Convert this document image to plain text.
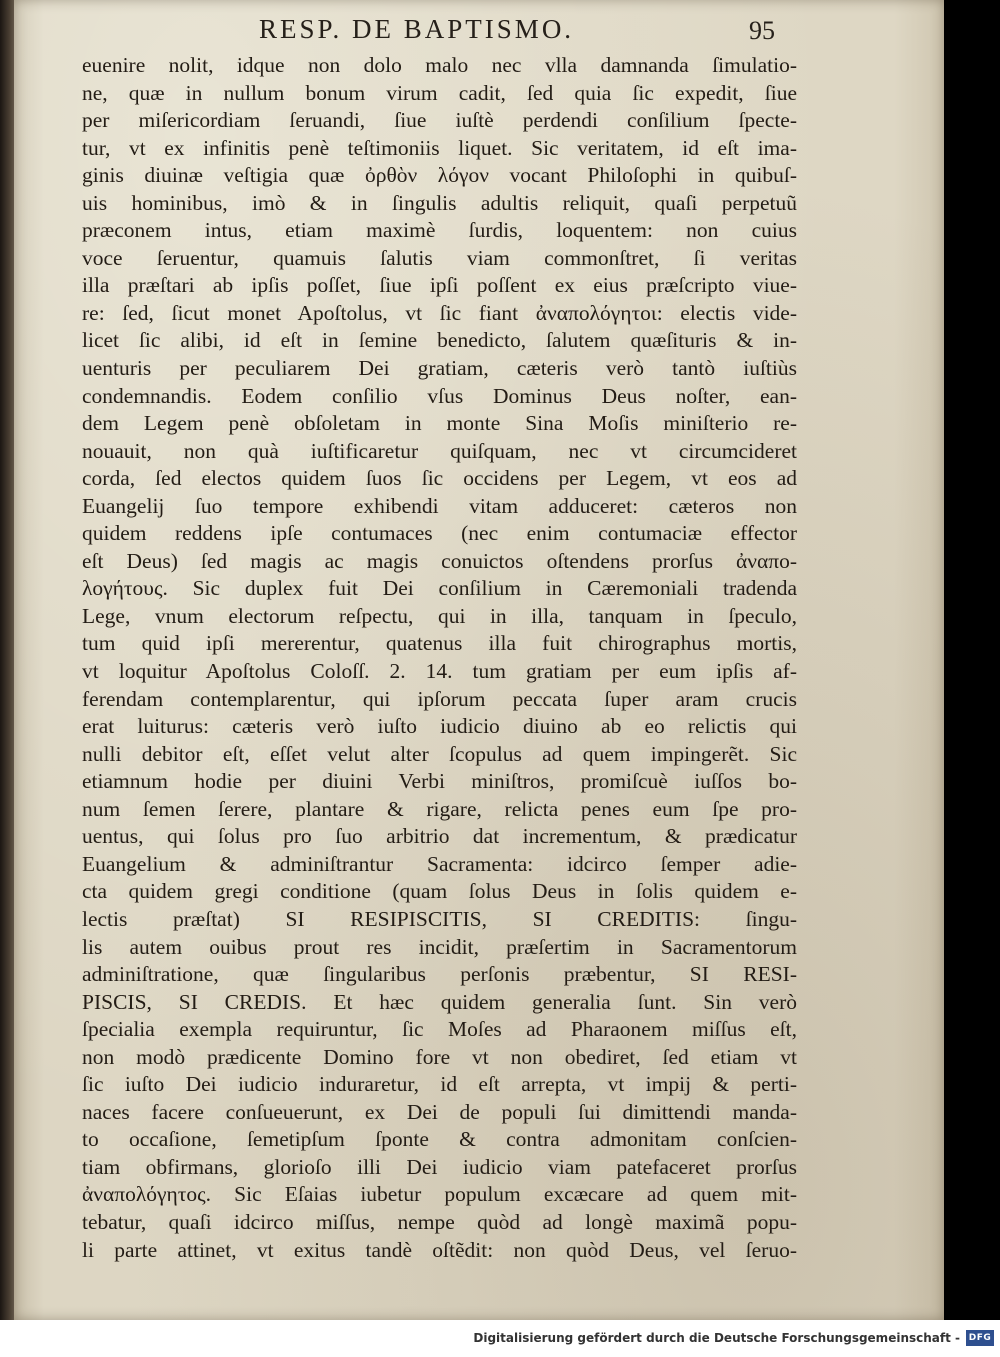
RESP. DE BAPTISMO.	95
euenire nolit, idque non dolo malo nec vlla damnanda ſimulatio-
ne, quæ in nullum bonum virum cadit, ſed quia ſic expedit, ſiue
per miſericordiam ſeruandi, ſiue iuſtè perdendi conſilium ſpecte-
tur, vt ex infinitis penè teſtimoniis liquet. Sic veritatem, id eſt ima-
ginis diuinæ veſtigia quæ ὀρθὸν λόγον vocant Philoſophi in quibuſ-
uis hominibus, imò & in ſingulis adultis reliquit, quaſi perpetuũ
præconem intus, etiam maximè ſurdis, loquentem: non cuius
voce ſeruentur, quamuis ſalutis viam commonſtret, ſi veritas
illa præſtari ab ipſis poſſet, ſiue ipſi poſſent ex eius præſcripto viue-
re: ſed, ſicut monet Apoſtolus, vt ſic fiant ἀναπολόγητοι: electis vide-
licet ſic alibi, id eſt in ſemine benedicto, ſalutem quæſituris & in-
uenturis per peculiarem Dei gratiam, cæteris verò tantò iuſtiùs
condemnandis. Eodem conſilio vſus Dominus Deus noſter, ean-
dem Legem penè obſoletam in monte Sina Moſis miniſterio re-
nouauit, non quà iuſtificaretur quiſquam, nec vt circumcideret
corda, ſed electos quidem ſuos ſic occidens per Legem, vt eos ad
Euangelij ſuo tempore exhibendi vitam adduceret: cæteros non
quidem reddens ipſe contumaces (nec enim contumaciæ effector
eſt Deus) ſed magis ac magis conuictos oſtendens prorſus ἀναπο-
λογήτους. Sic duplex fuit Dei conſilium in Cæremoniali tradenda
Lege, vnum electorum reſpectu, qui in illa, tanquam in ſpeculo,
tum quid ipſi mererentur, quatenus illa fuit chirographus mortis,
vt loquitur Apoſtolus Coloſſ. 2. 14. tum gratiam per eum ipſis af-
ferendam contemplarentur, qui ipſorum peccata ſuper aram crucis
erat luiturus: cæteris verò iuſto iudicio diuino ab eo relictis qui
nulli debitor eſt, eſſet velut alter ſcopulus ad quem impingerẽt. Sic
etiamnum hodie per diuini Verbi miniſtros, promiſcuè iuſſos bo-
num ſemen ſerere, plantare & rigare, relicta penes eum ſpe pro-
uentus, qui ſolus pro ſuo arbitrio dat incrementum, & prædicatur
Euangelium & adminiſtrantur Sacramenta: idcirco ſemper adie-
cta quidem gregi conditione (quam ſolus Deus in ſolis quidem e-
lectis præſtat) SI RESIPISCITIS, SI CREDITIS: ſingu-
lis autem ouibus prout res incidit, præſertim in Sacramentorum
adminiſtratione, quæ ſingularibus perſonis præbentur, SI RESI-
PISCIS, SI CREDIS. Et hæc quidem generalia ſunt. Sin verò
ſpecialia exempla requiruntur, ſic Moſes ad Pharaonem miſſus eſt,
non modò prædicente Domino fore vt non obediret, ſed etiam vt
ſic iuſto Dei iudicio induraretur, id eſt arrepta, vt impij & perti-
naces facere conſueuerunt, ex Dei de populi ſui dimittendi manda-
to occaſione, ſemetipſum ſponte & contra admonitam conſcien-
tiam obfirmans, glorioſo illi Dei iudicio viam patefaceret prorſus
ἀναπολόγητος. Sic Eſaias iubetur populum excæcare ad quem mit-
tebatur, quaſi idcirco miſſus, nempe quòd ad longè maximã popu-
li parte attinet, vt exitus tandè oſtẽdit: non quòd Deus, vel ſeruo-
Digitalisierung gefördert durch die Deutsche Forschungsgemeinschaft - DFG
